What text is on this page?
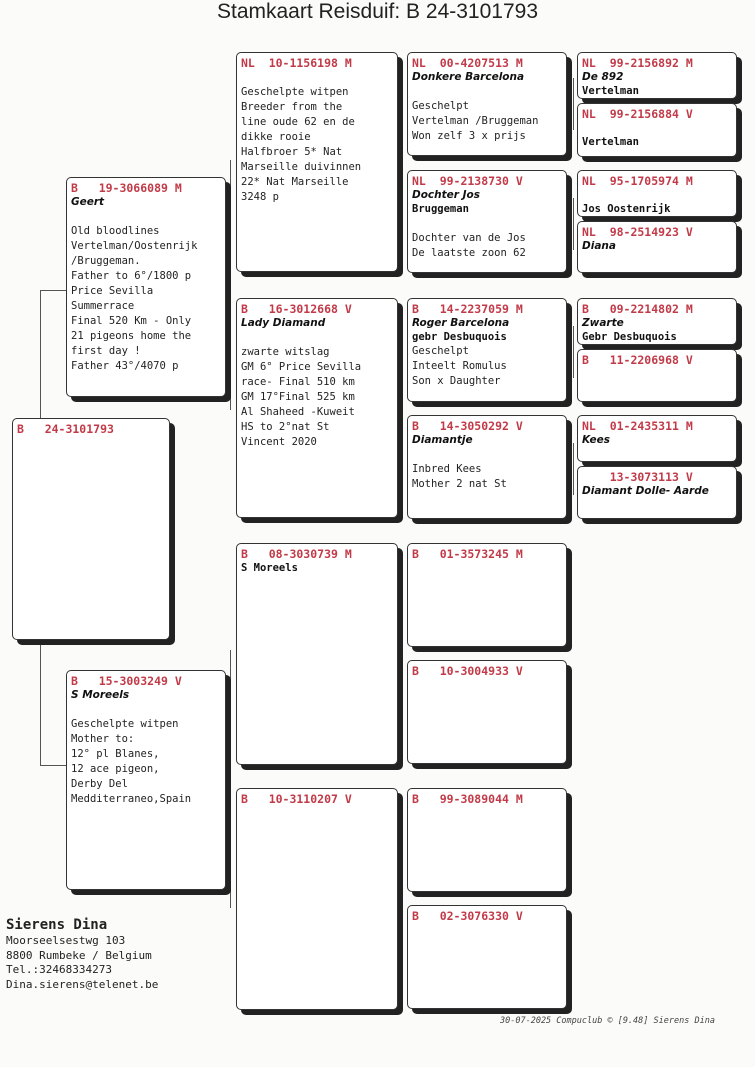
Stamkaart Reisduif: B 24-3101793
B   24-3101793
B   19-3066089 M
Geert

Old bloodlines
Vertelman/Oostenrijk
/Bruggeman.
Father to 6°/1800 p
Price Sevilla
Summerrace
Final 520 Km - Only
21 pigeons home the
first day !
Father 43°/4070 p
B   15-3003249 V
S Moreels

Geschelpte witpen
Mother to:
12° pl Blanes,
12 ace pigeon,
Derby Del
Medditerraneo,Spain
NL  10-1156198 M

Geschelpte witpen
Breeder from the
line oude 62 en de
dikke rooie
Halfbroer 5* Nat
Marseille duivinnen
22* Nat Marseille
3248 p
B   16-3012668 V
Lady Diamand

zwarte witslag
GM 6° Price Sevilla
race- Final 510 km
GM 17°Final 525 km
Al Shaheed -Kuweit
HS to 2°nat St
Vincent 2020
B   08-3030739 M
S Moreels
B   10-3110207 V
NL  00-4207513 M
Donkere Barcelona

Geschelpt
Vertelman /Bruggeman
Won zelf 3 x prijs
NL  99-2138730 V
Dochter Jos
Bruggeman

Dochter van de Jos
De laatste zoon 62
B   14-2237059 M
Roger Barcelona
gebr Desbuquois
Geschelpt
Inteelt Romulus
Son x Daughter
B   14-3050292 V
Diamantje

Inbred Kees
Mother 2 nat St
B   01-3573245 M
B   10-3004933 V
B   99-3089044 M
B   02-3076330 V
NL  99-2156892 M
De 892
Vertelman
NL  99-2156884 V
Vertelman
NL  95-1705974 M
Jos Oostenrijk
NL  98-2514923 V
Diana
B   09-2214802 M
Zwarte
Gebr Desbuquois
B   11-2206968 V
NL  01-2435311 M
Kees
13-3073113 V
Diamant Dolle- Aarde
Sierens Dina
Moorseelsestwg 103
8800 Rumbeke / Belgium
Tel.:32468334273
Dina.sierens@telenet.be
30-07-2025 Compuclub © [9.48] Sierens Dina
